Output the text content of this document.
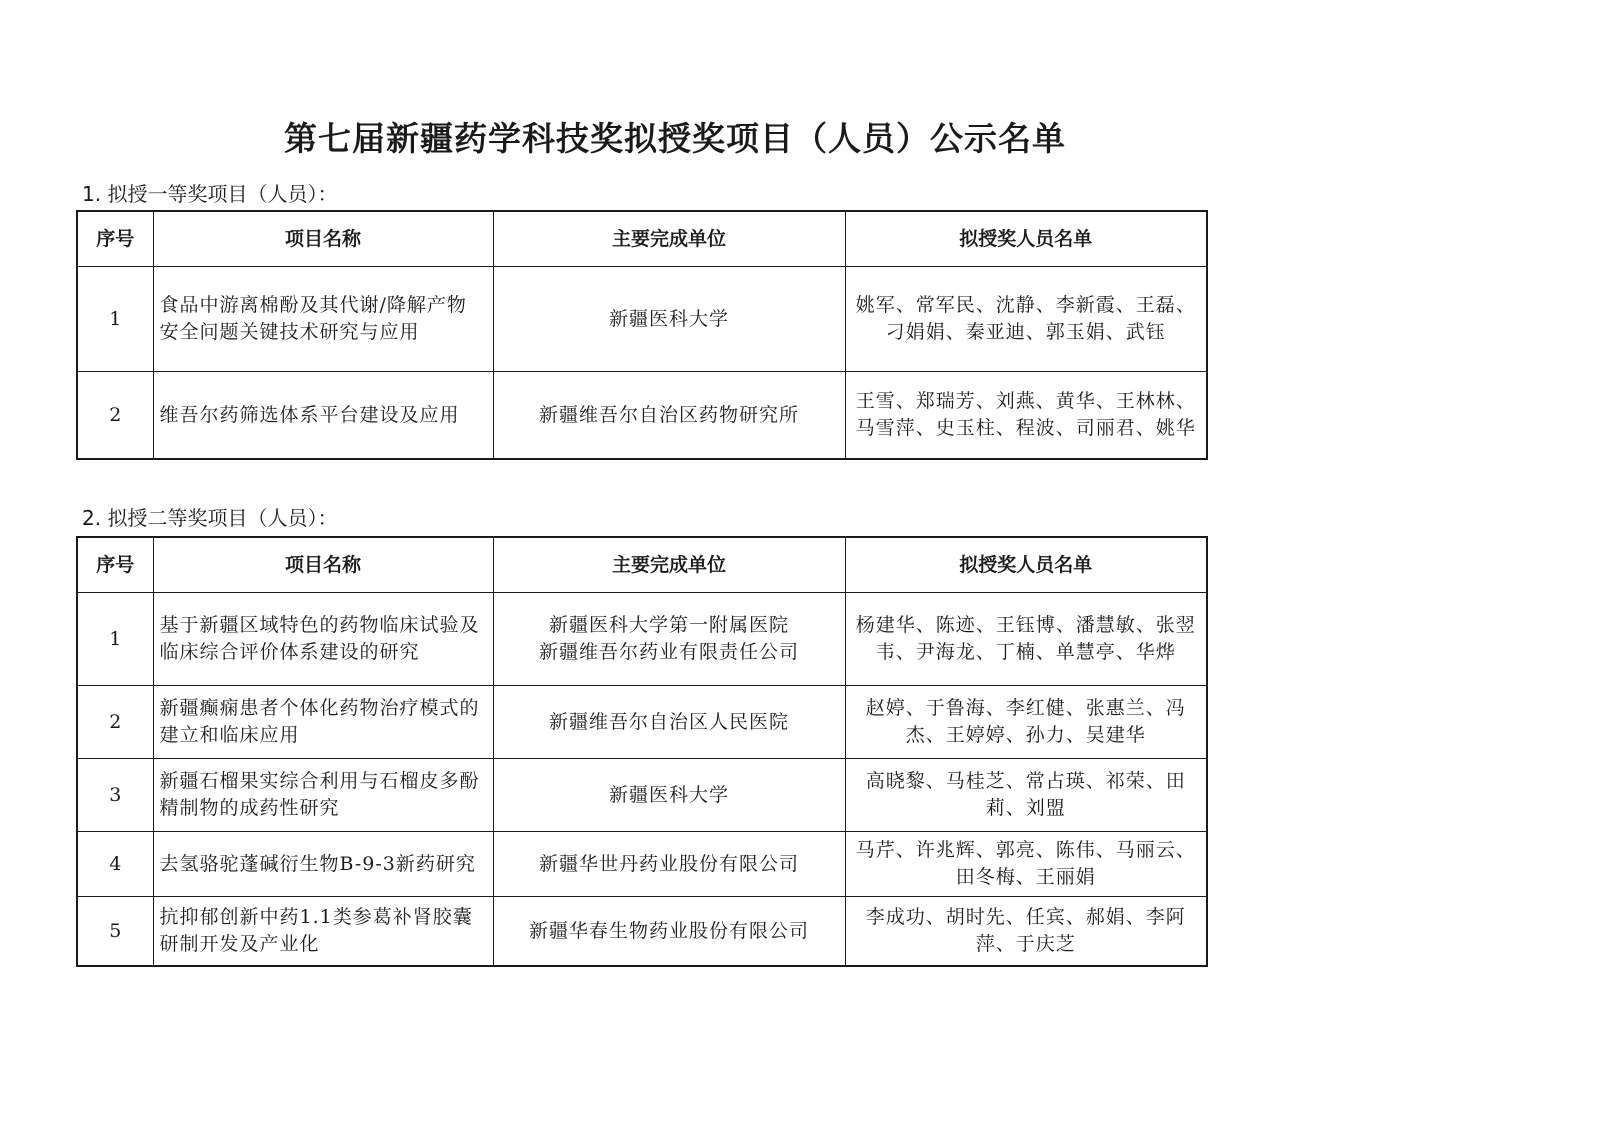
第七届新疆药学科技奖拟授奖项目（人员）公示名单
1. 拟授一等奖项目（人员）：
序号	项目名称	主要完成单位	拟授奖人员名单
1	食品中游离棉酚及其代谢/降解产物安全问题关键技术研究与应用	新疆医科大学	姚军、常军民、沈静、李新霞、王磊、刁娟娟、秦亚迪、郭玉娟、武钰
2	维吾尔药筛选体系平台建设及应用	新疆维吾尔自治区药物研究所	王雪、郑瑞芳、刘燕、黄华、王林林、马雪萍、史玉柱、程波、司丽君、姚华
2. 拟授二等奖项目（人员）：
序号	项目名称	主要完成单位	拟授奖人员名单
1	基于新疆区域特色的药物临床试验及临床综合评价体系建设的研究	新疆医科大学第一附属医院
新疆维吾尔药业有限责任公司	杨建华、陈迹、王钰博、潘慧敏、张翌韦、尹海龙、丁楠、单慧亭、华烨
2	新疆癫痫患者个体化药物治疗模式的建立和临床应用	新疆维吾尔自治区人民医院	赵婷、于鲁海、李红健、张惠兰、冯杰、王婷婷、孙力、吴建华
3	新疆石榴果实综合利用与石榴皮多酚精制物的成药性研究	新疆医科大学	高晓黎、马桂芝、常占瑛、祁荣、田莉、刘盟
4	去氢骆驼蓬碱衍生物B-9-3新药研究	新疆华世丹药业股份有限公司	马芹、许兆辉、郭亮、陈伟、马丽云、田冬梅、王丽娟
5	抗抑郁创新中药1.1类参葛补肾胶囊研制开发及产业化	新疆华春生物药业股份有限公司	李成功、胡时先、任宾、郝娟、李阿萍、于庆芝
